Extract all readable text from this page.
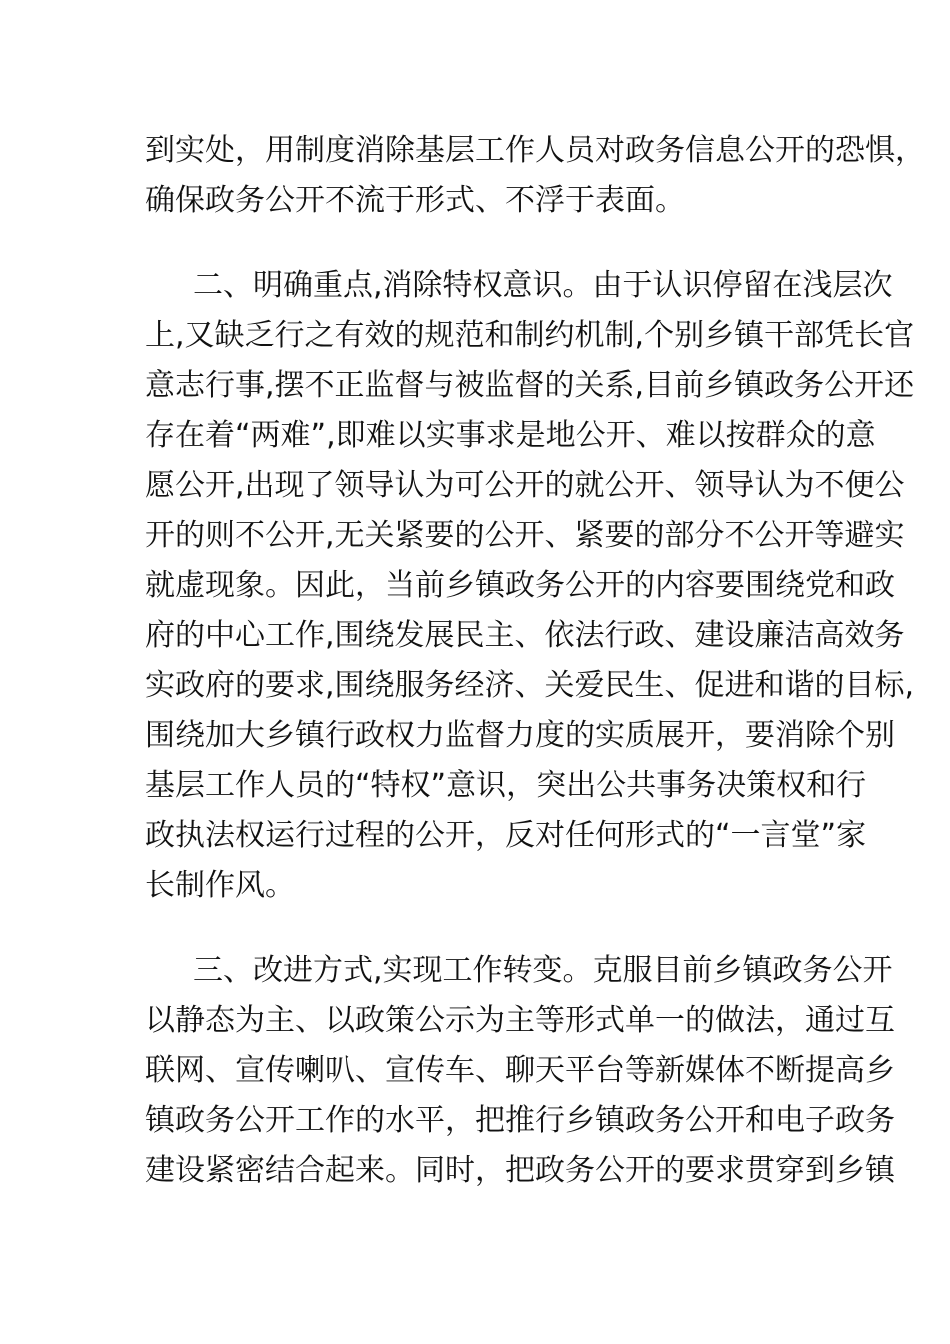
到实处，用制度消除基层工作人员对政务信息公开的恐惧，
确保政务公开不流于形式、不浮于表面。
二、明确重点,消除特权意识。由于认识停留在浅层次
上,又缺乏行之有效的规范和制约机制,个别乡镇干部凭长官
意志行事,摆不正监督与被监督的关系,目前乡镇政务公开还
存在着“两难”,即难以实事求是地公开、难以按群众的意
愿公开,出现了领导认为可公开的就公开、领导认为不便公
开的则不公开,无关紧要的公开、紧要的部分不公开等避实
就虚现象。因此，当前乡镇政务公开的内容要围绕党和政
府的中心工作,围绕发展民主、依法行政、建设廉洁高效务
实政府的要求,围绕服务经济、关爱民生、促进和谐的目标,
围绕加大乡镇行政权力监督力度的实质展开，要消除个别
基层工作人员的“特权”意识，突出公共事务决策权和行
政执法权运行过程的公开，反对任何形式的“一言堂”家
长制作风。
三、改进方式,实现工作转变。克服目前乡镇政务公开
以静态为主、以政策公示为主等形式单一的做法，通过互
联网、宣传喇叭、宣传车、聊天平台等新媒体不断提高乡
镇政务公开工作的水平，把推行乡镇政务公开和电子政务
建设紧密结合起来。同时，把政务公开的要求贯穿到乡镇
